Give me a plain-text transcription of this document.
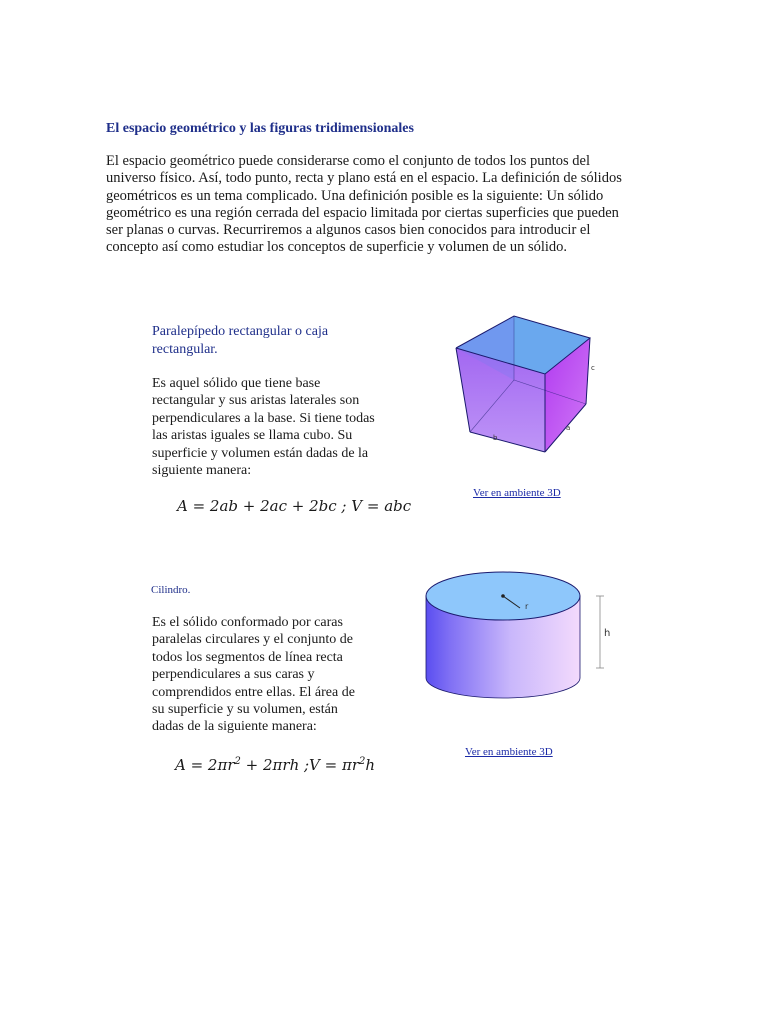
El espacio geométrico y las figuras tridimensionales
El espacio geométrico puede considerarse como el conjunto de todos los puntos del
universo físico. Así, todo punto, recta y plano está en el espacio. La definición de sólidos
geométricos es un tema complicado. Una definición posible es la siguiente: Un sólido
geométrico es una región cerrada del espacio limitada por ciertas superficies que pueden
ser planas o curvas. Recurriremos a algunos casos bien conocidos para introducir el
concepto así como estudiar los conceptos de superficie y volumen de un sólido.
Paralepípedo rectangular o caja
rectangular.
Es aquel sólido que tiene base
rectangular y sus aristas laterales son
perpendiculares a la base. Si tiene todas
las aristas iguales se llama cubo. Su
superficie y volumen están dadas de la
siguiente manera:
A = 2ab + 2ac + 2bc ; V = abc
c
a
b
Ver en ambiente 3D
Cilindro.
Es el sólido conformado por caras
paralelas circulares y el conjunto de
todos los segmentos de línea recta
perpendiculares a sus caras y
comprendidos entre ellas. El área de
su superficie y su volumen, están
dadas de la siguiente manera:
$A = 2\pi r^2 + 2\pi rh$ ;V = $\pi r^2h$
r
h
Ver en ambiente 3D
